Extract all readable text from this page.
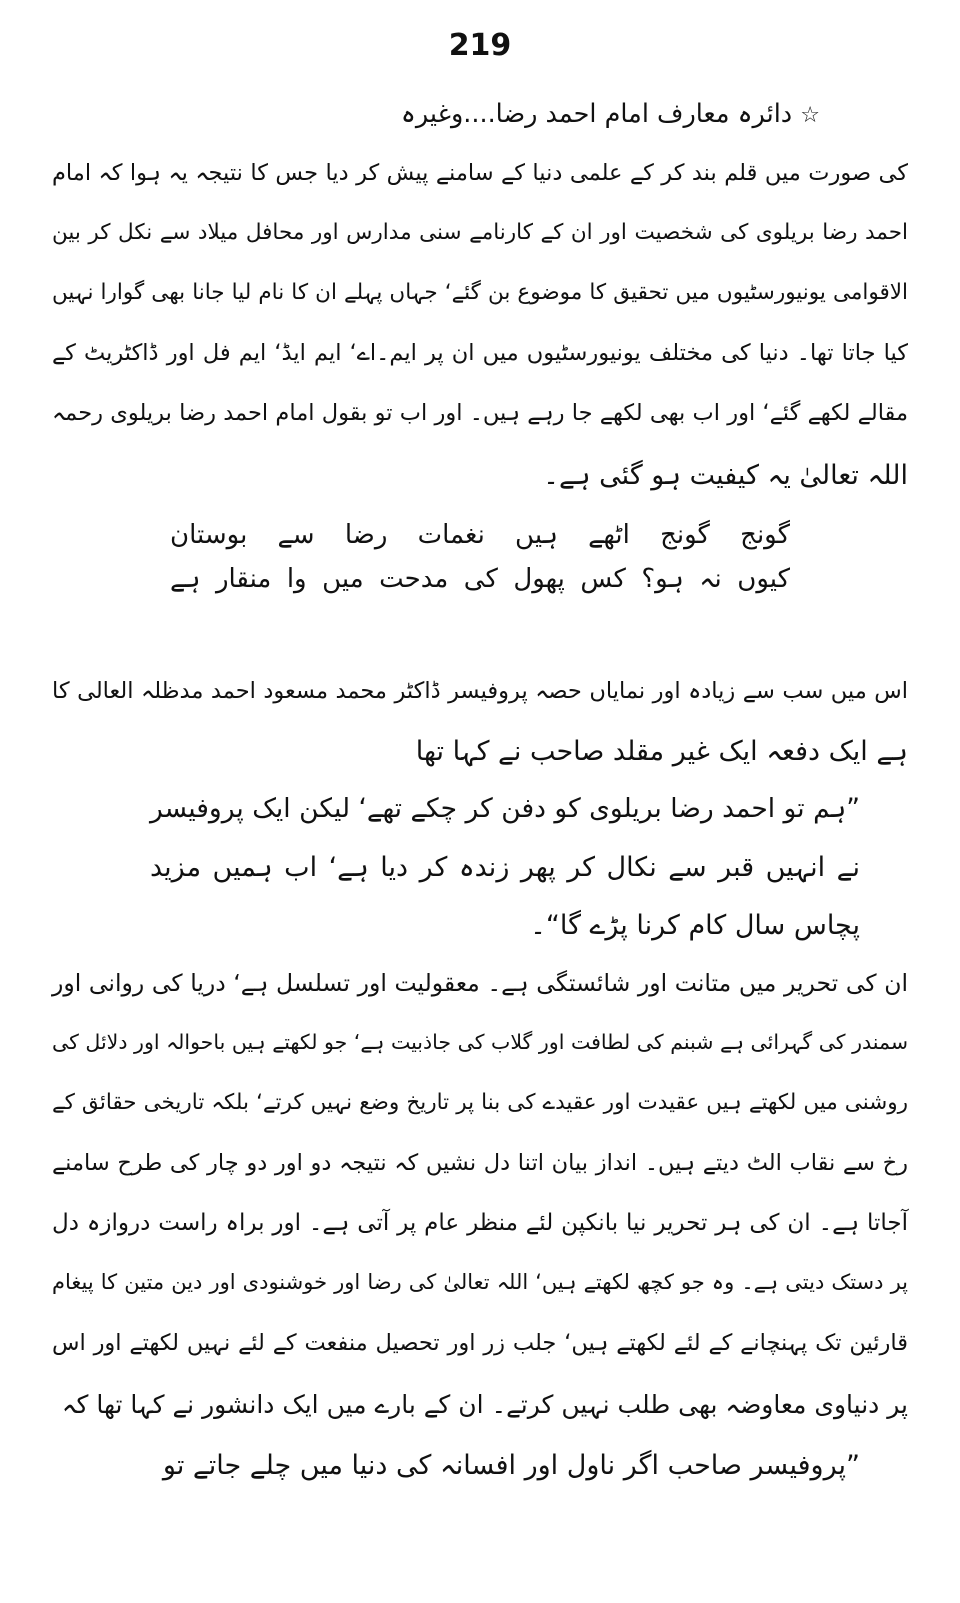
219
☆ دائرہ معارف امام احمد رضا....وغیرہ
کی صورت میں قلم بند کر کے علمی دنیا کے سامنے پیش کر دیا جس کا نتیجہ یہ ہوا کہ امام
احمد رضا بریلوی کی شخصیت اور ان کے کارنامے سنی مدارس اور محافل میلاد سے نکل کر بین
الاقوامی یونیورسٹیوں میں تحقیق کا موضوع بن گئے‘ جہاں پہلے ان کا نام لیا جانا بھی گوارا نہیں
کیا جاتا تھا۔ دنیا کی مختلف یونیورسٹیوں میں ان پر ایم۔اے‘ ایم ایڈ‘ ایم فل اور ڈاکٹریٹ کے
مقالے لکھے گئے‘ اور اب بھی لکھے جا رہے ہیں۔ اور اب تو بقول امام احمد رضا بریلوی رحمہ
اللہ تعالیٰ یہ کیفیت ہو گئی ہے۔
گونج گونج اٹھے ہیں نغمات رضا سے بوستان
کیوں نہ ہو؟ کس پھول کی مدحت میں وا منقار ہے
اس میں سب سے زیادہ اور نمایاں حصہ پروفیسر ڈاکٹر محمد مسعود احمد مدظلہ العالی کا
ہے ایک دفعہ ایک غیر مقلد صاحب نے کہا تھا
”ہم تو احمد رضا بریلوی کو دفن کر چکے تھے‘ لیکن ایک پروفیسر
نے انہیں قبر سے نکال کر پھر زندہ کر دیا ہے‘ اب ہمیں مزید
پچاس سال کام کرنا پڑے گا“۔
ان کی تحریر میں متانت اور شائستگی ہے۔ معقولیت اور تسلسل ہے‘ دریا کی روانی اور
سمندر کی گہرائی ہے شبنم کی لطافت اور گلاب کی جاذبیت ہے‘ جو لکھتے ہیں باحوالہ اور دلائل کی
روشنی میں لکھتے ہیں عقیدت اور عقیدے کی بنا پر تاریخ وضع نہیں کرتے‘ بلکہ تاریخی حقائق کے
رخ سے نقاب الٹ دیتے ہیں۔ انداز بیان اتنا دل نشیں کہ نتیجہ دو اور دو چار کی طرح سامنے
آجاتا ہے۔ ان کی ہر تحریر نیا بانکپن لئے منظر عام پر آتی ہے۔ اور براہ راست دروازہ دل
پر دستک دیتی ہے۔ وہ جو کچھ لکھتے ہیں‘ اللہ تعالیٰ کی رضا اور خوشنودی اور دین متین کا پیغام
قارئین تک پہنچانے کے لئے لکھتے ہیں‘ جلب زر اور تحصیل منفعت کے لئے نہیں لکھتے اور اس
پر دنیاوی معاوضہ بھی طلب نہیں کرتے۔ ان کے بارے میں ایک دانشور نے کہا تھا کہ
”پروفیسر صاحب اگر ناول اور افسانہ کی دنیا میں چلے جاتے تو
